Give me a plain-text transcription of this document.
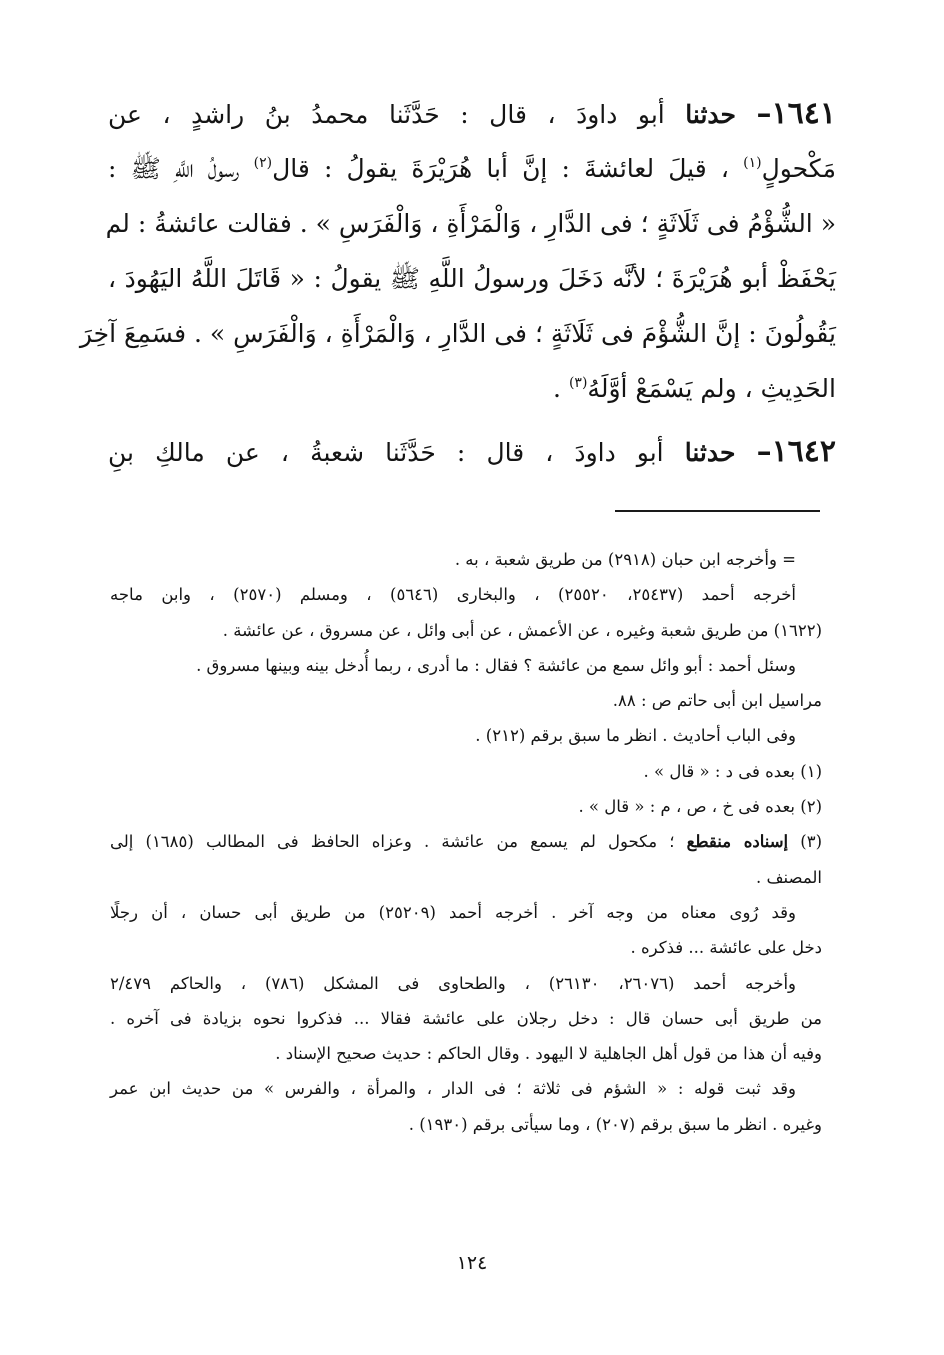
١٦٤١– حدثنا أبو داودَ ، قال : حَدَّثَنا محمدُ بنُ راشدٍ ، عن
مَكْحولٍ$^{(١)}$ ، قيلَ لعائشةَ : إنَّ أبا هُرَيْرَةَ يقولُ : قال$^{(٢)}$ رسولُ اللَّهِ ﷺ :
« الشُّؤْمُ فى ثَلَاثَةٍ ؛ فى الدَّارِ ، وَالْمَرْأَةِ ، وَالْفَرَسِ » . فقالت عائشةُ : لم
يَحْفَظْ أبو هُرَيْرَةَ ؛ لأنَّه دَخَلَ ورسولُ اللَّهِ ﷺ يقولُ : « قَاتَلَ اللَّهُ اليَهُودَ ،
يَقُولُونَ : إنَّ الشُّؤْمَ فى ثَلَاثَةٍ ؛ فى الدَّارِ ، وَالْمَرْأَةِ ، وَالْفَرَسِ » . فسَمِعَ آخِرَ
الحَدِيثِ ، ولم يَسْمَعْ أوَّلَهُ$^{(٣)}$ .
١٦٤٢– حدثنا أبو داودَ ، قال : حَدَّثَنا شعبةُ ، عن مالكِ بنِ
= وأخرجه ابن حبان (٢٩١٨) من طريق شعبة ، به .
أخرجه أحمد (٢٥٤٣٧، ٢٥٥٢٠) ، والبخارى (٥٦٤٦) ، ومسلم (٢٥٧٠) ، وابن ماجه
(١٦٢٢) من طريق شعبة وغيره ، عن الأعمش ، عن أبى وائل ، عن مسروق ، عن عائشة .
وسئل أحمد : أبو وائل سمع من عائشة ؟ فقال : ما أدرى ، ربما أُدخل بينه وبينها مسروق .
مراسيل ابن أبى حاتم ص : ٨٨.
وفى الباب أحاديث . انظر ما سبق برقم (٢١٢) .
(١) بعده فى د : « قال » .
(٢) بعده فى خ ، ص ، م : « قال » .
(٣) إسناده منقطع ؛ مكحول لم يسمع من عائشة . وعزاه الحافظ فى المطالب (١٦٨٥) إلى
المصنف .
وقد رُوى معناه من وجه آخر . أخرجه أحمد (٢٥٢٠٩) من طريق أبى حسان ، أن رجلًا
دخل على عائشة ... فذكره .
وأخرجه أحمد (٢٦٠٧٦، ٢٦١٣٠) ، والطحاوى فى المشكل (٧٨٦) ، والحاكم ٢/٤٧٩
من طريق أبى حسان قال : دخل رجلان على عائشة فقالا ... فذكروا نحوه بزيادة فى آخره .
وفيه أن هذا من قول أهل الجاهلية لا اليهود . وقال الحاكم : حديث صحيح الإسناد .
وقد ثبت قوله : « الشؤم فى ثلاثة ؛ فى الدار ، والمرأة ، والفرس » من حديث ابن عمر
وغيره . انظر ما سبق برقم (٢٠٧) ، وما سيأتى برقم (١٩٣٠) .
١٢٤
